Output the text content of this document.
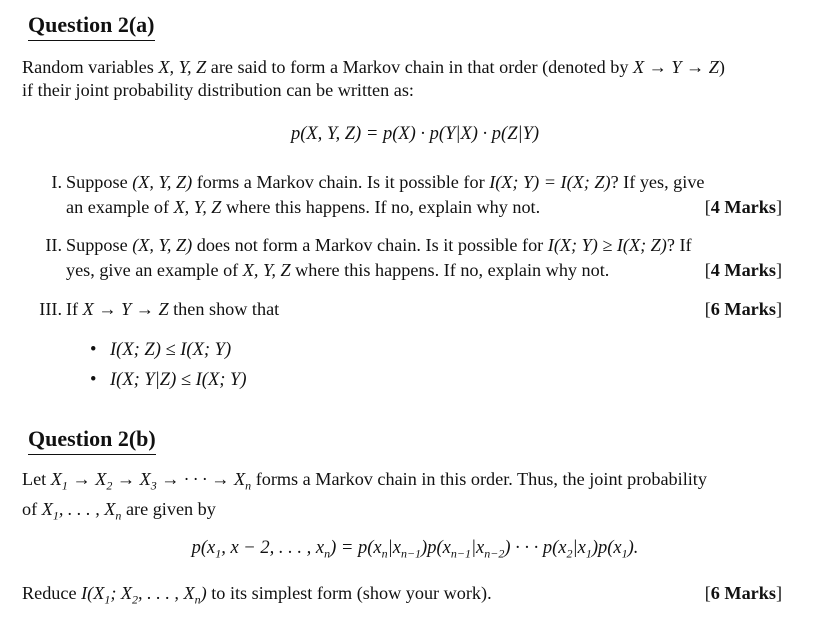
Question 2(a)
Random variables X, Y, Z are said to form a Markov chain in that order (denoted by X → Y → Z)
if their joint probability distribution can be written as:
p(X, Y, Z) = p(X) · p(Y|X) · p(Z|Y)
I. Suppose (X, Y, Z) forms a Markov chain. Is it possible for I(X; Y) = I(X; Z)? If yes, give
an example of X, Y, Z where this happens. If no, explain why not.	[4 Marks]
II. Suppose (X, Y, Z) does not form a Markov chain. Is it possible for I(X; Y) ≥ I(X; Z)? If
yes, give an example of X, Y, Z where this happens. If no, explain why not.	[4 Marks]
III. If X → Y → Z then show that	[6 Marks]
• I(X; Z) ≤ I(X; Y)
• I(X; Y|Z) ≤ I(X; Y)
Question 2(b)
Let $X_1 \to X_2 \to X_3$ → · · · → $X_n$ forms a Markov chain in this order. Thus, the joint probability
of $X_1$, . . . , $X_n$ are given by
$p(x_1$, x − 2, . . . , $x_n) = p(x_n|x_{n-1})p(x_{n-1}|x_{n-2})$ · · · $p(x_2|x_1)p(x_1)$.
Reduce $I(X_1$; $X_2$, . . . , $X_n$) to its simplest form (show your work).	[6 Marks]
